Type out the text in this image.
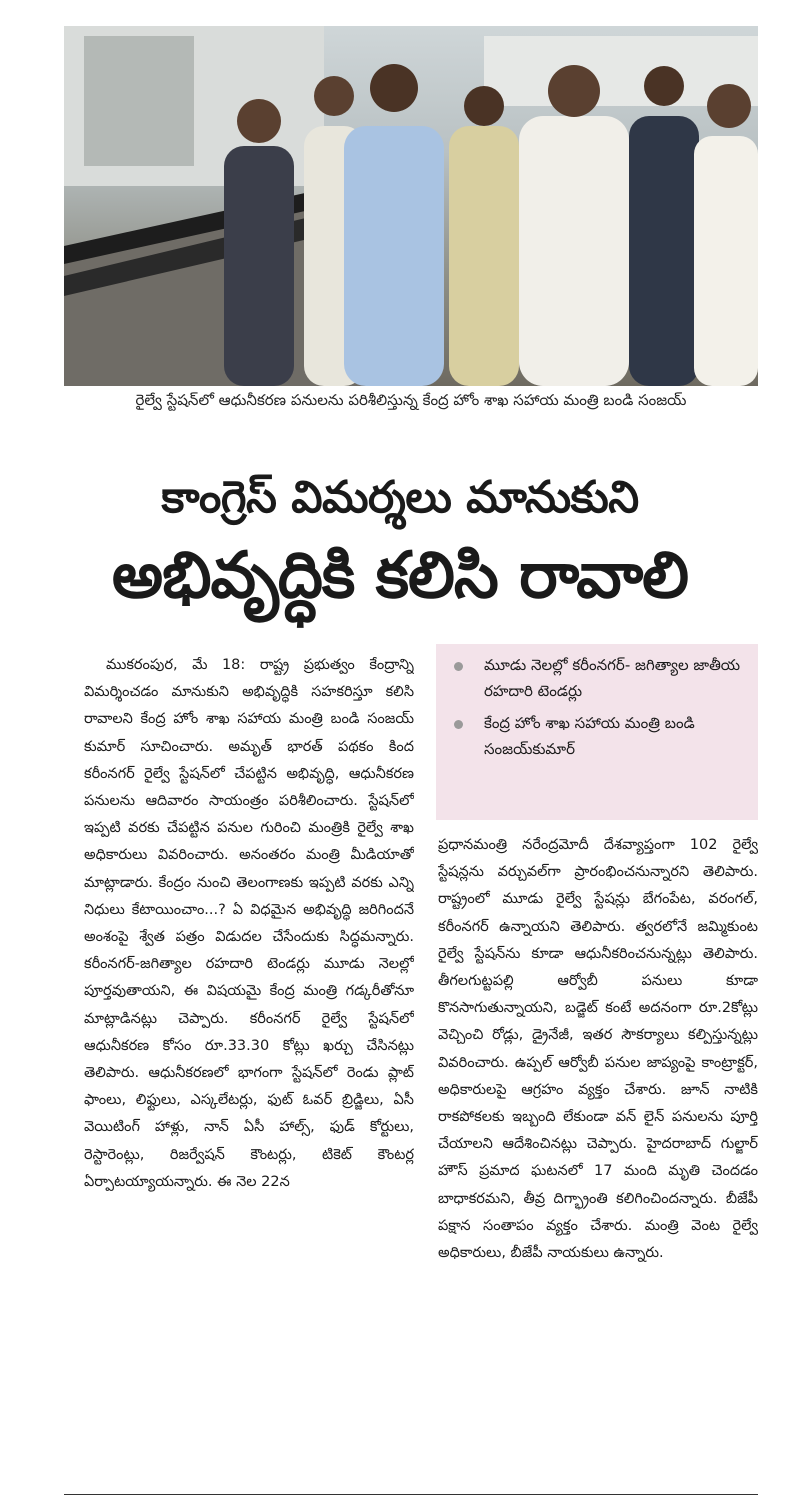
రైల్వే స్టేషన్‌లో ఆధునీకరణ పనులను పరిశీలిస్తున్న కేంద్ర హోం శాఖ సహాయ మంత్రి బండి సంజయ్
కాంగ్రెస్ విమర్శలు మానుకుని
అభివృద్ధికి కలిసి రావాలి
మూడు నెలల్లో కరీంనగర్- జగిత్యాల జాతీయ రహదారి టెండర్లు
కేంద్ర హోం శాఖ సహాయ మంత్రి బండి సంజయ్‌కుమార్

ముకరంపుర, మే 18: రాష్ట్ర ప్రభుత్వం కేంద్రాన్ని విమర్శించడం మానుకుని అభివృద్ధికి సహకరిస్తూ కలిసి రావాలని కేంద్ర హోం శాఖ సహాయ మంత్రి బండి సంజయ్ కుమార్ సూచించారు. అమృత్ భారత్ పథకం కింద కరీంనగర్ రైల్వే స్టేషన్‌లో చేపట్టిన అభివృద్ధి, ఆధునీకరణ పనులను ఆదివారం సాయంత్రం పరిశీలించారు. స్టేషన్‌లో ఇప్పటి వరకు చేపట్టిన పనుల గురించి మంత్రికి రైల్వే శాఖ అధికారులు వివరించారు. అనంతరం మంత్రి మీడియాతో మాట్లాడారు. కేంద్రం నుంచి తెలంగాణకు ఇప్పటి వరకు ఎన్ని నిధులు కేటాయించాం...? ఏ విధమైన అభివృద్ధి జరిగిందనే అంశంపై శ్వేత పత్రం విడుదల చేసేందుకు సిద్ధమన్నారు. కరీంనగర్-జగిత్యాల రహదారి టెండర్లు మూడు నెలల్లో పూర్తవుతాయని, ఈ విషయమై కేంద్ర మంత్రి గడ్కరీతోనూ మాట్లాడినట్లు చెప్పారు. కరీంనగర్ రైల్వే స్టేషన్‌లో ఆధునీకరణ కోసం రూ.33.30 కోట్లు ఖర్చు చేసినట్లు తెలిపారు. ఆధునీకరణలో భాగంగా స్టేషన్‌లో రెండు ప్లాట్ ఫాంలు, లిఫ్టులు, ఎస్కలేటర్లు, ఫుట్ ఓవర్ బ్రిడ్జిలు, ఏసీ వెయిటింగ్ హాళ్లు, నాన్ ఏసీ హాల్స్, ఫుడ్ కోర్టులు, రెస్టారెంట్లు, రిజర్వేషన్ కౌంటర్లు, టికెట్ కౌంటర్ల ఏర్పాటయ్యాయన్నారు. ఈ నెల 22న

ప్రధానమంత్రి నరేంద్రమోదీ దేశవ్యాప్తంగా 102 రైల్వే స్టేషన్లను వర్చువల్‌గా ప్రారంభించనున్నారని తెలిపారు. రాష్ట్రంలో మూడు రైల్వే స్టేషన్లు బేగంపేట, వరంగల్, కరీంనగర్ ఉన్నాయని తెలిపారు. త్వరలోనే జమ్మికుంట రైల్వే స్టేషన్‌ను కూడా ఆధునీకరించనున్నట్లు తెలిపారు. తీగలగుట్టపల్లి ఆర్వోబీ పనులు కూడా కొనసాగుతున్నాయని, బడ్జెట్ కంటే అదనంగా రూ.2కోట్లు వెచ్చించి రోడ్లు, డ్రైనేజీ, ఇతర సౌకర్యాలు కల్పిస్తున్నట్లు వివరించారు. ఉప్పల్ ఆర్వోబీ పనుల జాప్యంపై కాంట్రాక్టర్, అధికారులపై ఆగ్రహం వ్యక్తం చేశారు. జూన్ నాటికి రాకపోకలకు ఇబ్బంది లేకుండా వన్ లైన్ పనులను పూర్తి చేయాలని ఆదేశించినట్లు చెప్పారు. హైదరాబాద్ గుల్జార్ హౌస్ ప్రమాద ఘటనలో 17 మంది మృతి చెందడం బాధాకరమని, తీవ్ర దిగ్భ్రాంతి కలిగించిందన్నారు. బీజేపీ పక్షాన సంతాపం వ్యక్తం చేశారు. మంత్రి వెంట రైల్వే అధికారులు, బీజేపీ నాయకులు ఉన్నారు.
